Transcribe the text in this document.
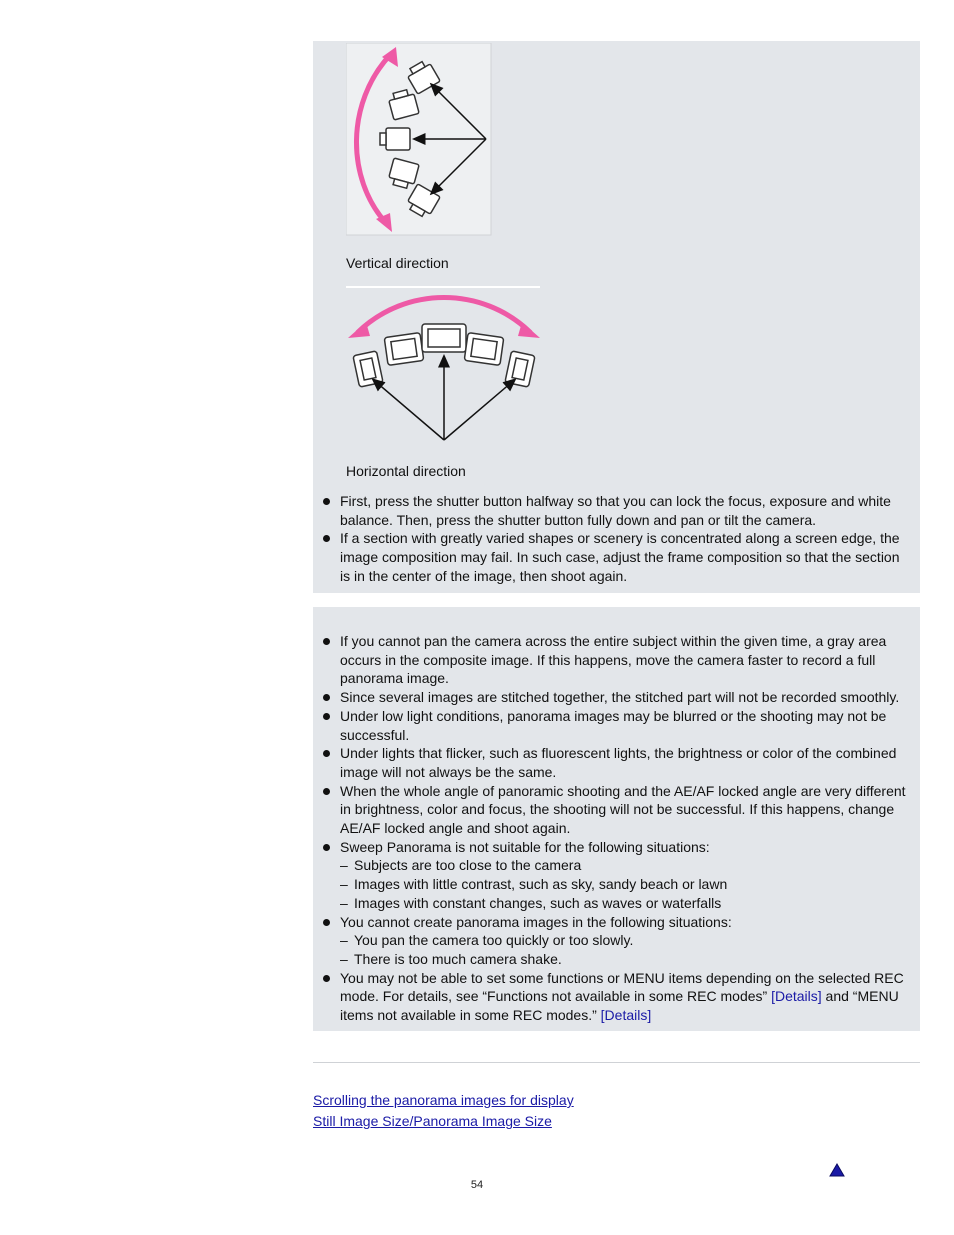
Vertical direction
Horizontal direction
First, press the shutter button halfway so that you can lock the focus, exposure and white balance. Then, press the shutter button fully down and pan or tilt the camera.
If a section with greatly varied shapes or scenery is concentrated along a screen edge, the image composition may fail. In such case, adjust the frame composition so that the section is in the center of the image, then shoot again.
If you cannot pan the camera across the entire subject within the given time, a gray area occurs in the composite image. If this happens, move the camera faster to record a full panorama image.
Since several images are stitched together, the stitched part will not be recorded smoothly.
Under low light conditions, panorama images may be blurred or the shooting may not be successful.
Under lights that flicker, such as fluorescent lights, the brightness or color of the combined image will not always be the same.
When the whole angle of panoramic shooting and the AE/AF locked angle are very different in brightness, color and focus, the shooting will not be successful. If this happens, change AE/AF locked angle and shoot again.
Sweep Panorama is not suitable for the following situations:
– Subjects are too close to the camera
– Images with little contrast, such as sky, sandy beach or lawn
– Images with constant changes, such as waves or waterfalls
You cannot create panorama images in the following situations:
– You pan the camera too quickly or too slowly.
– There is too much camera shake.
You may not be able to set some functions or MENU items depending on the selected REC mode. For details, see “Functions not available in some REC modes” [Details] and “MENU items not available in some REC modes.” [Details]
Scrolling the panorama images for display
Still Image Size/Panorama Image Size
54
